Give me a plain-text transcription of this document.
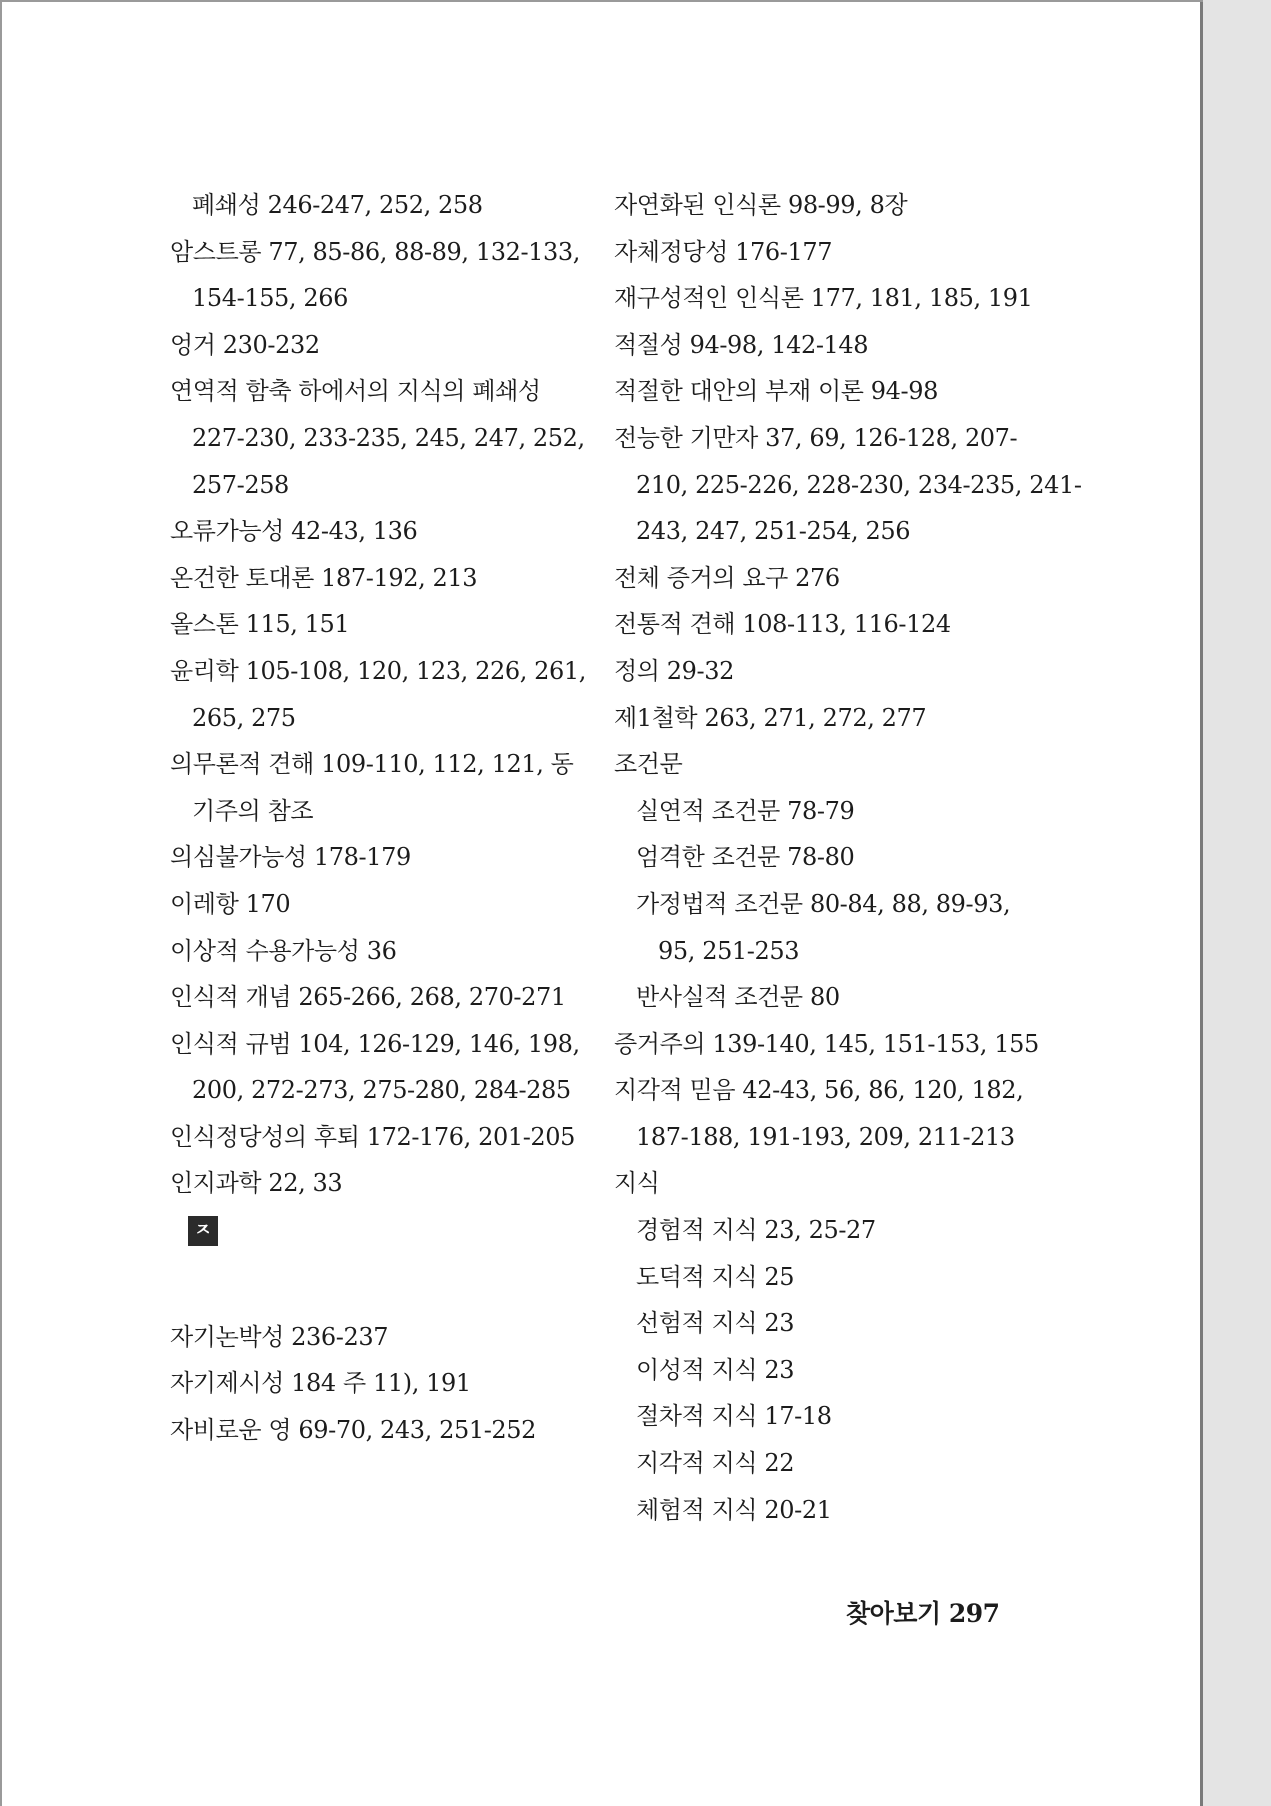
폐쇄성 246-247, 252, 258
암스트롱 77, 85-86, 88-89, 132-133,
154-155, 266
엉거 230-232
연역적 함축 하에서의 지식의 폐쇄성
227-230, 233-235, 245, 247, 252,
257-258
오류가능성 42-43, 136
온건한 토대론 187-192, 213
올스톤 115, 151
윤리학 105-108, 120, 123, 226, 261,
265, 275
의무론적 견해 109-110, 112, 121, 동
기주의 참조
의심불가능성 178-179
이레항 170
이상적 수용가능성 36
인식적 개념 265-266, 268, 270-271
인식적 규범 104, 126-129, 146, 198,
200, 272-273, 275-280, 284-285
인식정당성의 후퇴 172-176, 201-205
인지과학 22, 33
ㅈ
자기논박성 236-237
자기제시성 184 주 11), 191
자비로운 영 69-70, 243, 251-252
자연화된 인식론 98-99, 8장
자체정당성 176-177
재구성적인 인식론 177, 181, 185, 191
적절성 94-98, 142-148
적절한 대안의 부재 이론 94-98
전능한 기만자 37, 69, 126-128, 207-
210, 225-226, 228-230, 234-235, 241-
243, 247, 251-254, 256
전체 증거의 요구 276
전통적 견해 108-113, 116-124
정의 29-32
제1철학 263, 271, 272, 277
조건문
실연적 조건문 78-79
엄격한 조건문 78-80
가정법적 조건문 80-84, 88, 89-93,
95, 251-253
반사실적 조건문 80
증거주의 139-140, 145, 151-153, 155
지각적 믿음 42-43, 56, 86, 120, 182,
187-188, 191-193, 209, 211-213
지식
경험적 지식 23, 25-27
도덕적 지식 25
선험적 지식 23
이성적 지식 23
절차적 지식 17-18
지각적 지식 22
체험적 지식 20-21
찾아보기 297
